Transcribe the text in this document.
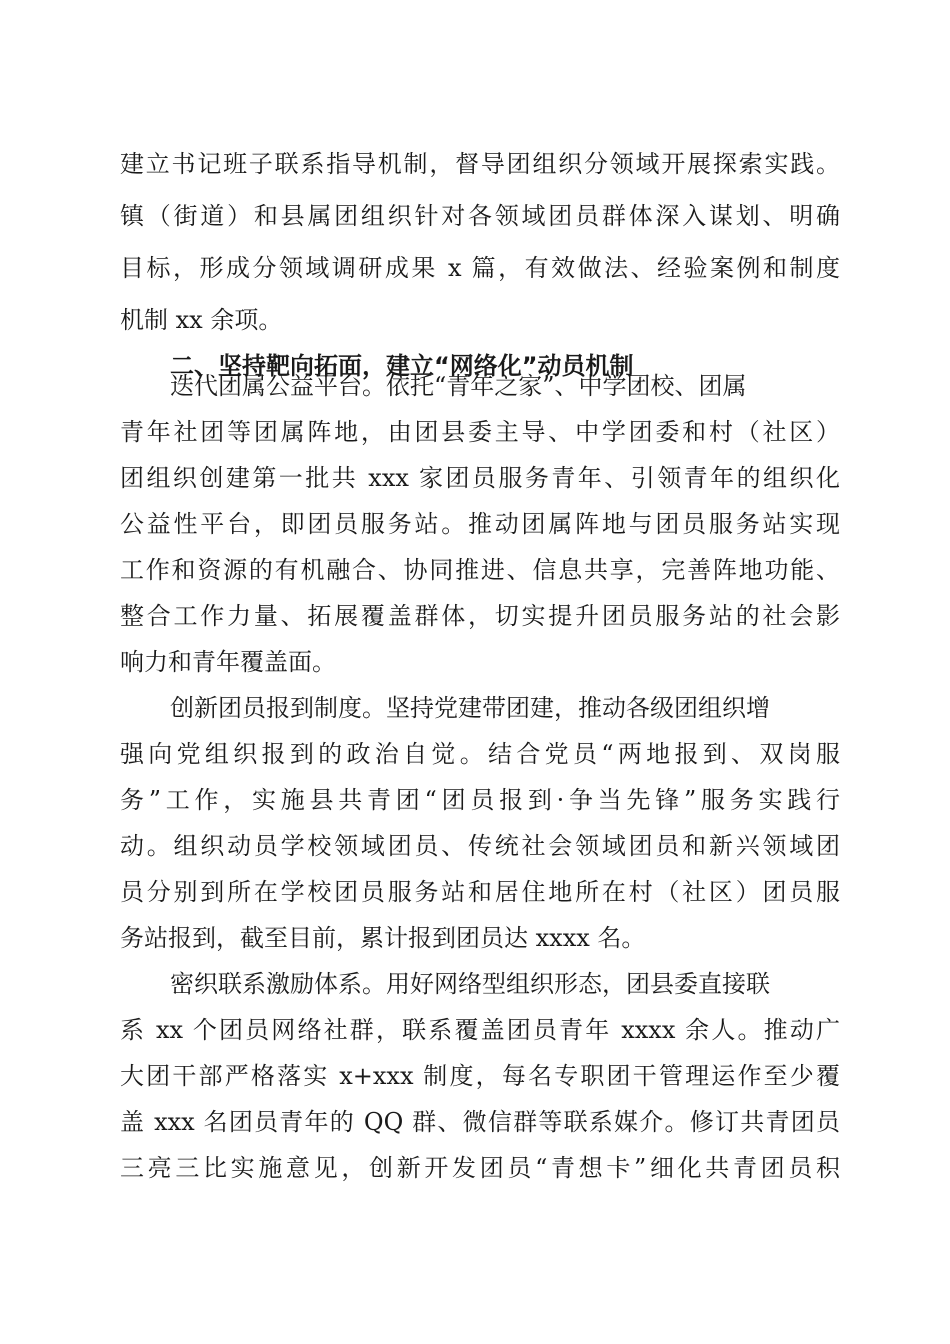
建立书记班子联系指导机制，督导团组织分领域开展探索实践。
镇（街道）和县属团组织针对各领域团员群体深入谋划、明确
目标，形成分领域调研成果 x 篇，有效做法、经验案例和制度
机制 xx 余项。
二、坚持靶向拓面，建立“网络化”动员机制
迭代团属公益平台。依托“青年之家”、中学团校、团属
青年社团等团属阵地，由团县委主导、中学团委和村（社区）
团组织创建第一批共 xxx 家团员服务青年、引领青年的组织化
公益性平台，即团员服务站。推动团属阵地与团员服务站实现
工作和资源的有机融合、协同推进、信息共享，完善阵地功能、
整合工作力量、拓展覆盖群体，切实提升团员服务站的社会影
响力和青年覆盖面。
创新团员报到制度。坚持党建带团建，推动各级团组织增
强向党组织报到的政治自觉。结合党员“两地报到、双岗服
务”工作，实施县共青团“团员报到·争当先锋”服务实践行
动。组织动员学校领域团员、传统社会领域团员和新兴领域团
员分别到所在学校团员服务站和居住地所在村（社区）团员服
务站报到，截至目前，累计报到团员达 xxxx 名。
密织联系激励体系。用好网络型组织形态，团县委直接联
系 xx 个团员网络社群，联系覆盖团员青年 xxxx 余人。推动广
大团干部严格落实 x+xxx 制度，每名专职团干管理运作至少覆
盖 xxx 名团员青年的 QQ 群、微信群等联系媒介。修订共青团员
三亮三比实施意见，创新开发团员“青想卡”细化共青团员积
